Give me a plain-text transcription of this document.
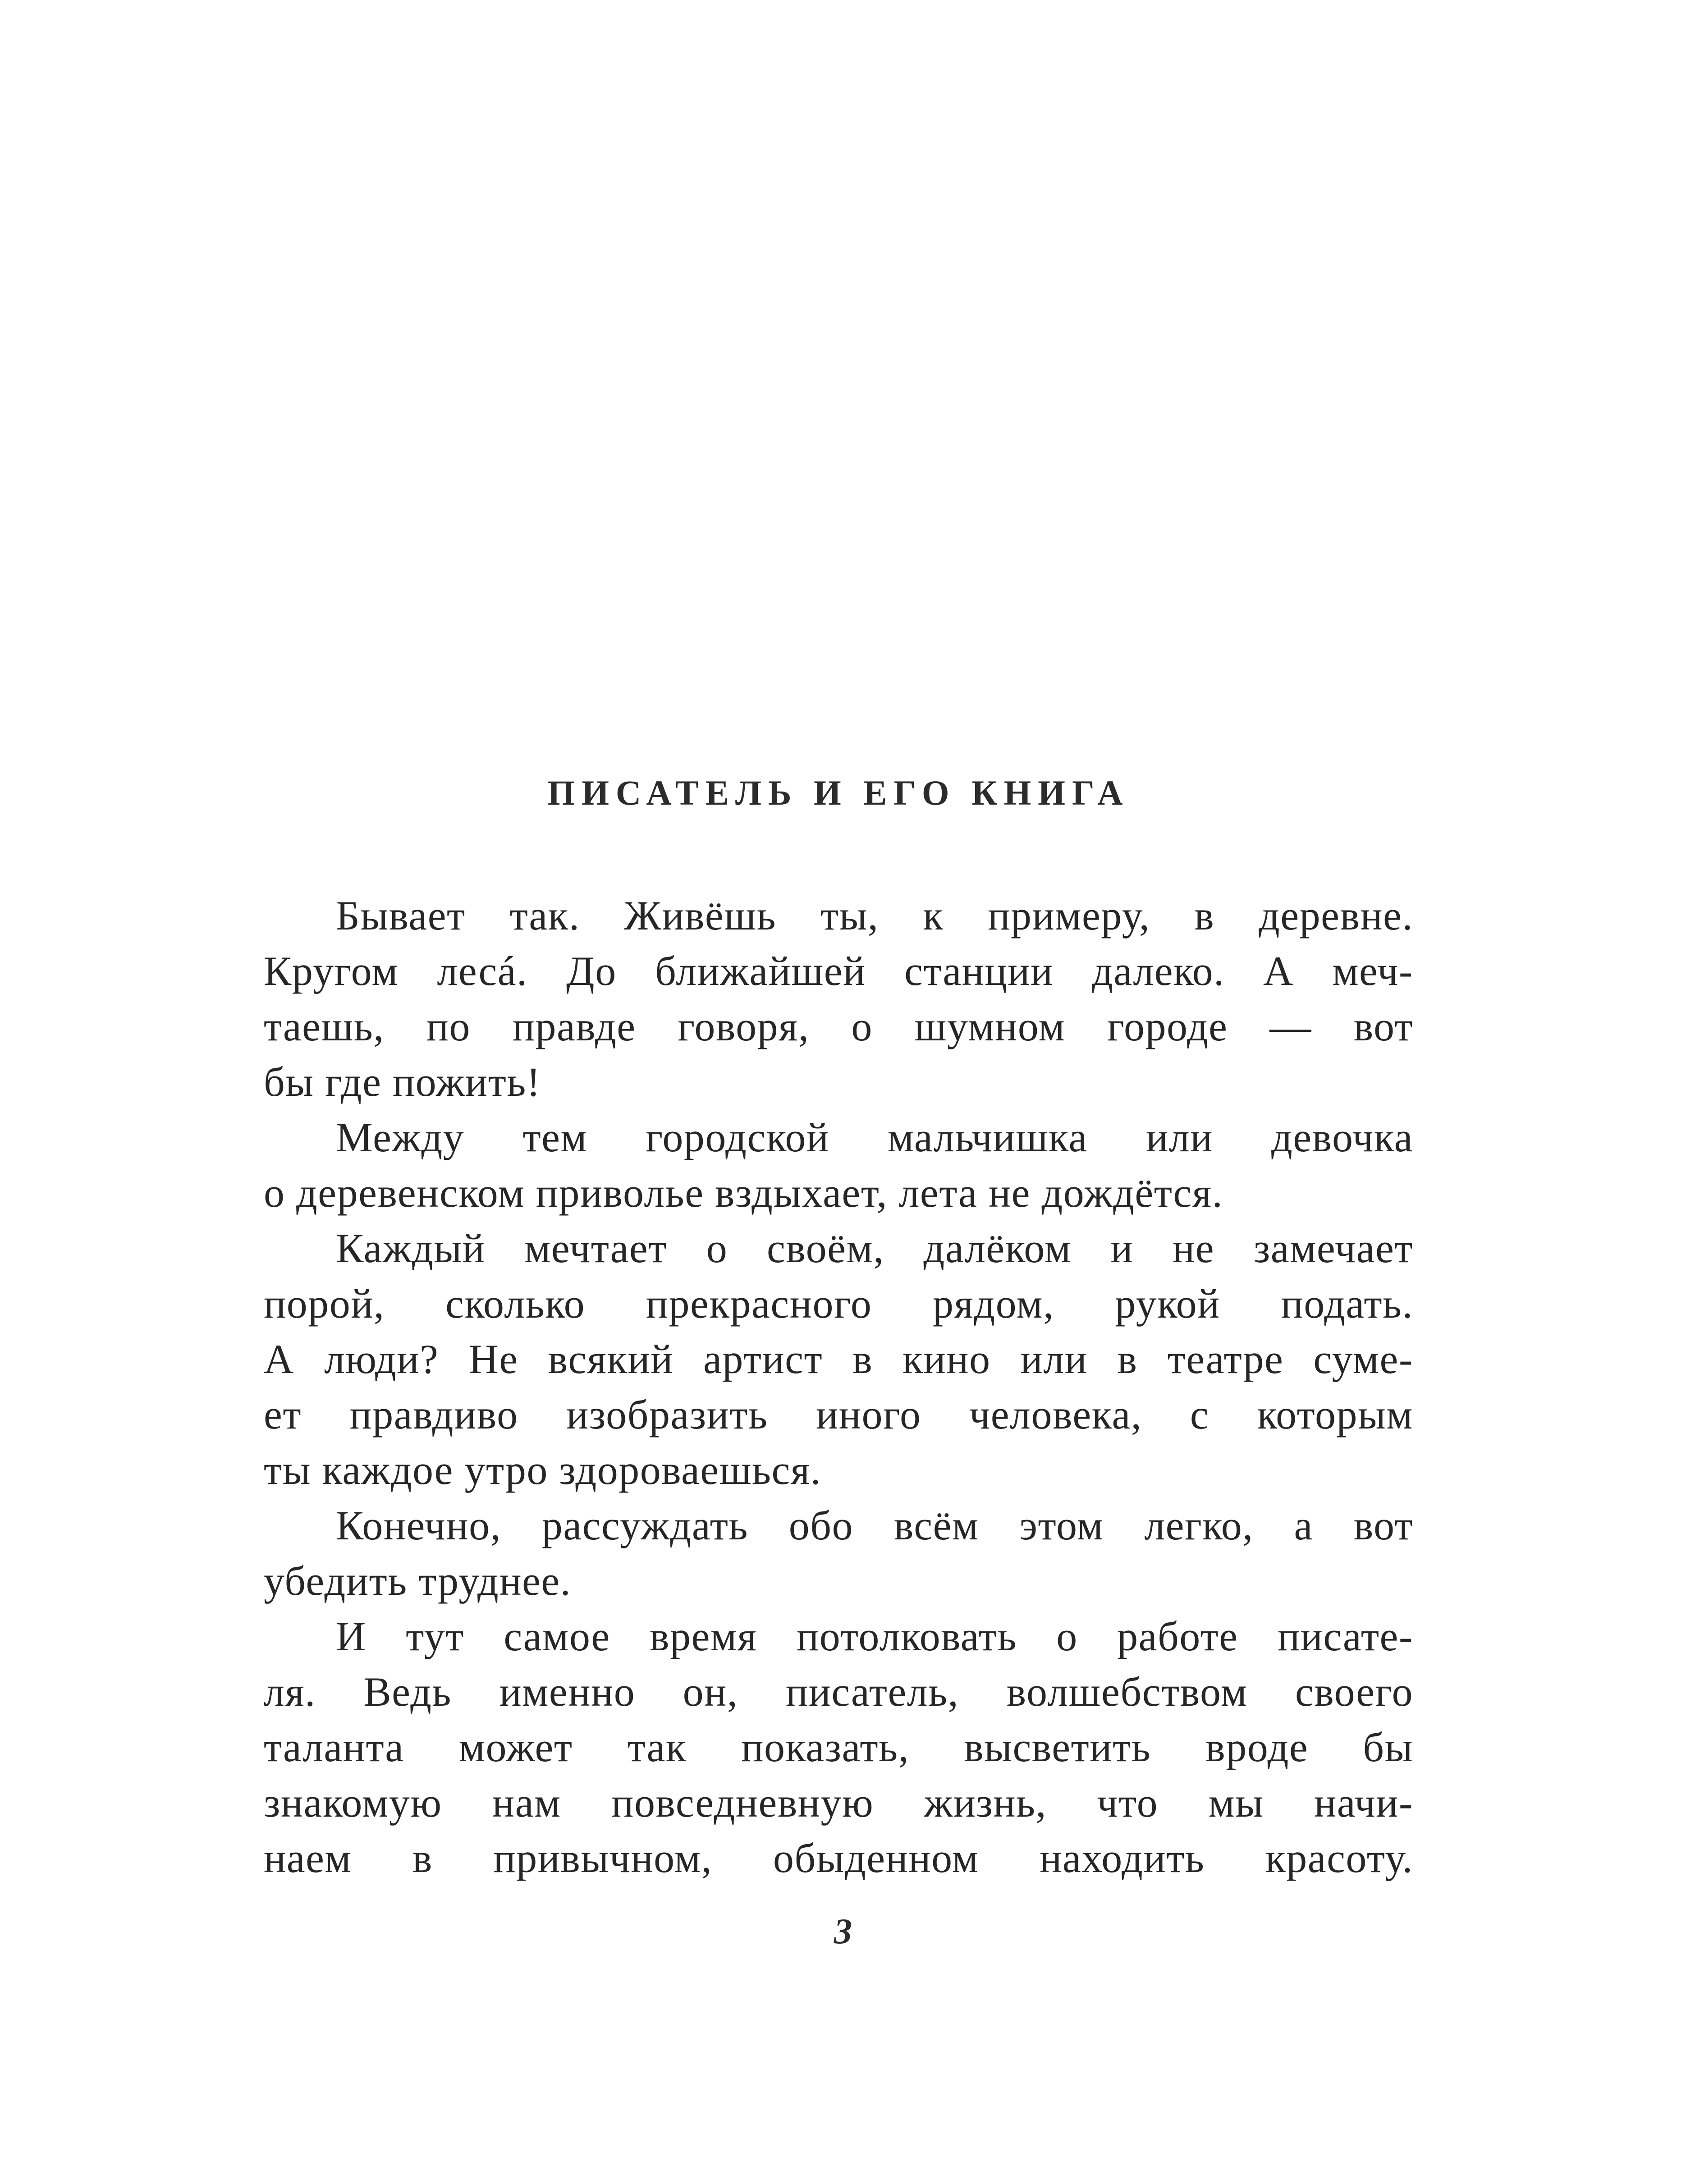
ПИСАТЕЛЬ И ЕГО КНИГА
Бывает так. Живёшь ты, к примеру, в деревне.
Кругом лесá. До ближайшей станции далеко. А меч-
таешь, по правде говоря, о шумном городе — вот
бы где пожить!
Между тем городской мальчишка или девочка
о деревенском приволье вздыхает, лета не дождётся.
Каждый мечтает о своём, далёком и не замечает
порой, сколько прекрасного рядом, рукой подать.
А люди? Не всякий артист в кино или в театре суме-
ет правдиво изобразить иного человека, с которым
ты каждое утро здороваешься.
Конечно, рассуждать обо всём этом легко, а вот
убедить труднее.
И тут самое время потолковать о работе писате-
ля. Ведь именно он, писатель, волшебством своего
таланта может так показать, высветить вроде бы
знакомую нам повседневную жизнь, что мы начи-
наем в привычном, обыденном находить красоту.
3
